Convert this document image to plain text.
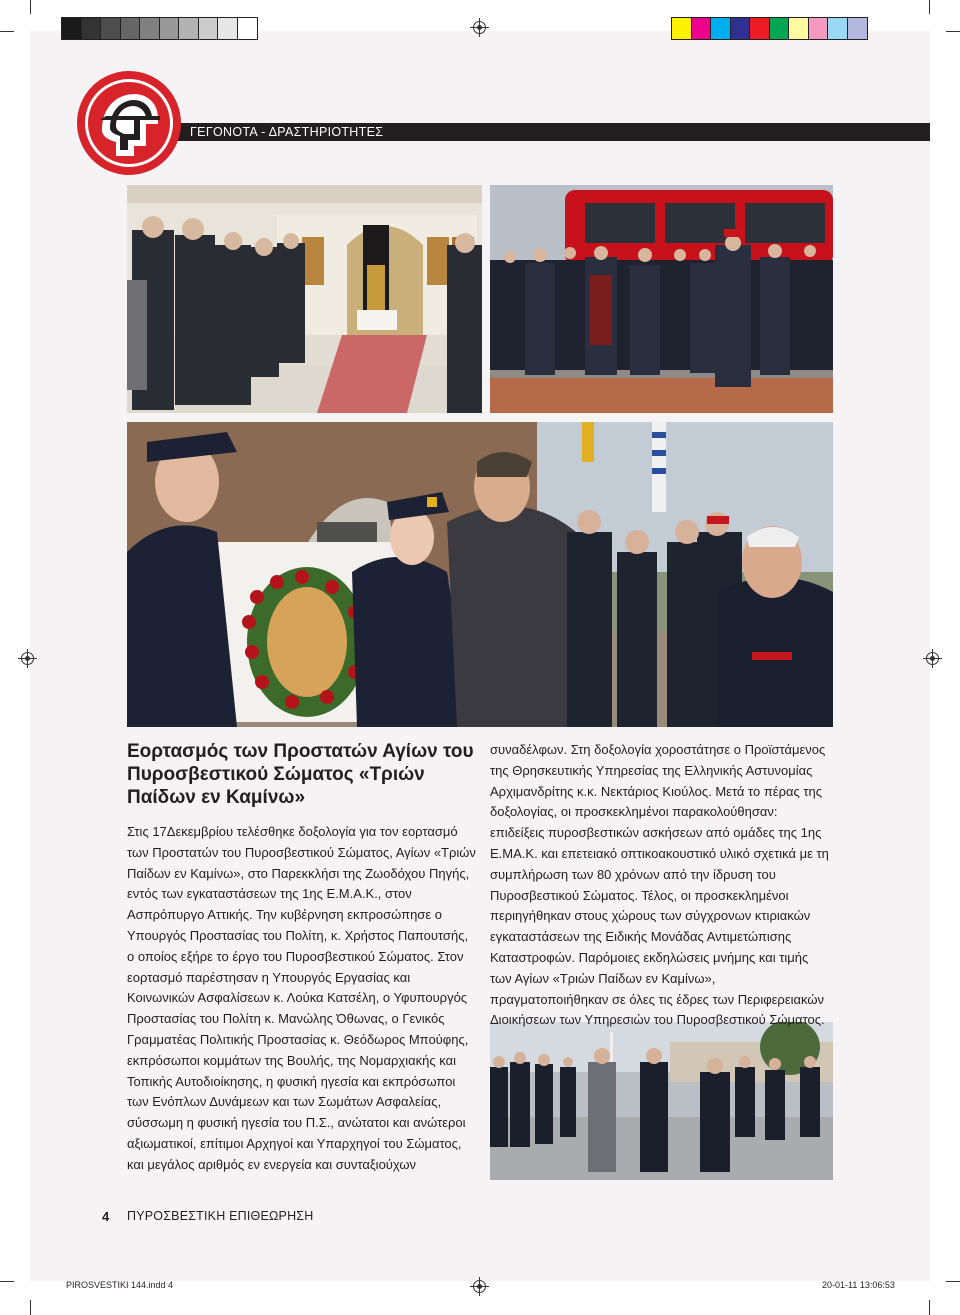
ΓΕΓΟΝΟΤΑ - ΔΡΑΣΤΗΡΙΟΤΗΤΕΣ
Εορτασμός των Προστατών Αγίων του Πυροσβεστικού Σώματος «Τριών Παίδων εν Καμίνω»

Στις 17Δεκεμβρίου τελέσθηκε δοξολογία για τον εορτασμό των Προστατών του Πυροσβεστικού Σώματος, Αγίων «Τριών Παίδων εν Καμίνω», στο Παρεκκλήσι της Ζωοδόχου Πηγής, εντός των εγκαταστάσεων της 1ης Ε.Μ.Α.Κ., στον Ασπρόπυργο Αττικής. Την κυβέρνηση εκπροσώπησε ο Υπουργός Προστασίας του Πολίτη, κ. Χρήστος Παπουτσής, ο οποίος εξήρε το έργο του Πυροσβεστικού Σώματος. Στον εορτασμό παρέστησαν η Υπουργός Εργασίας και Κοινωνικών Ασφαλίσεων κ. Λούκα Κατσέλη, ο Υφυπουργός Προστασίας του Πολίτη κ. Μανώλης Όθωνας, ο Γενικός Γραμματέας Πολιτικής Προστασίας κ. Θεόδωρος Μπούφης, εκπρόσωποι κομμάτων της Βουλής, της Νομαρχιακής και Τοπικής Αυτοδιοίκησης, η φυσική ηγεσία και εκπρόσωποι των Ενόπλων Δυνάμεων και των Σωμάτων Ασφαλείας, σύσσωμη η φυσική ηγεσία του Π.Σ., ανώτατοι και ανώτεροι αξιωματικοί, επίτιμοι Αρχηγοί και Υπαρχηγοί του Σώματος, και μεγάλος αριθμός εν ενεργεία και συνταξιούχων

συναδέλφων. Στη δοξολογία χοροστάτησε ο Προϊστάμενος της Θρησκευτικής Υπηρεσίας της Ελληνικής Αστυνομίας Αρχιμανδρίτης κ.κ. Νεκτάριος Κιούλος. Μετά το πέρας της δοξολογίας, οι προσκεκλημένοι παρακολούθησαν: επιδείξεις πυροσβεστικών ασκήσεων από ομάδες της 1ης Ε.ΜΑ.Κ. και επετειακό οπτικοακουστικό υλικό σχετικά με τη συμπλήρωση των 80 χρόνων από την ίδρυση του Πυροσβεστικού Σώματος. Τέλος, οι προσκεκλημένοι περιηγήθηκαν στους χώρους των σύγχρονων κτιριακών εγκαταστάσεων της Ειδικής Μονάδας Αντιμετώπισης Καταστροφών. Παρόμοιες εκδηλώσεις μνήμης και τιμής των Αγίων «Τριών Παίδων εν Καμίνω», πραγματοποιήθηκαν σε όλες τις έδρες των Περιφερειακών Διοικήσεων των Υπηρεσιών του Πυροσβεστικού Σώματος.

4 ΠΥΡΟΣΒΕΣΤΙΚΗ ΕΠΙΘΕΩΡΗΣΗ
PIROSVESTIKI 144.indd 4	20-01-11 13:06:53
